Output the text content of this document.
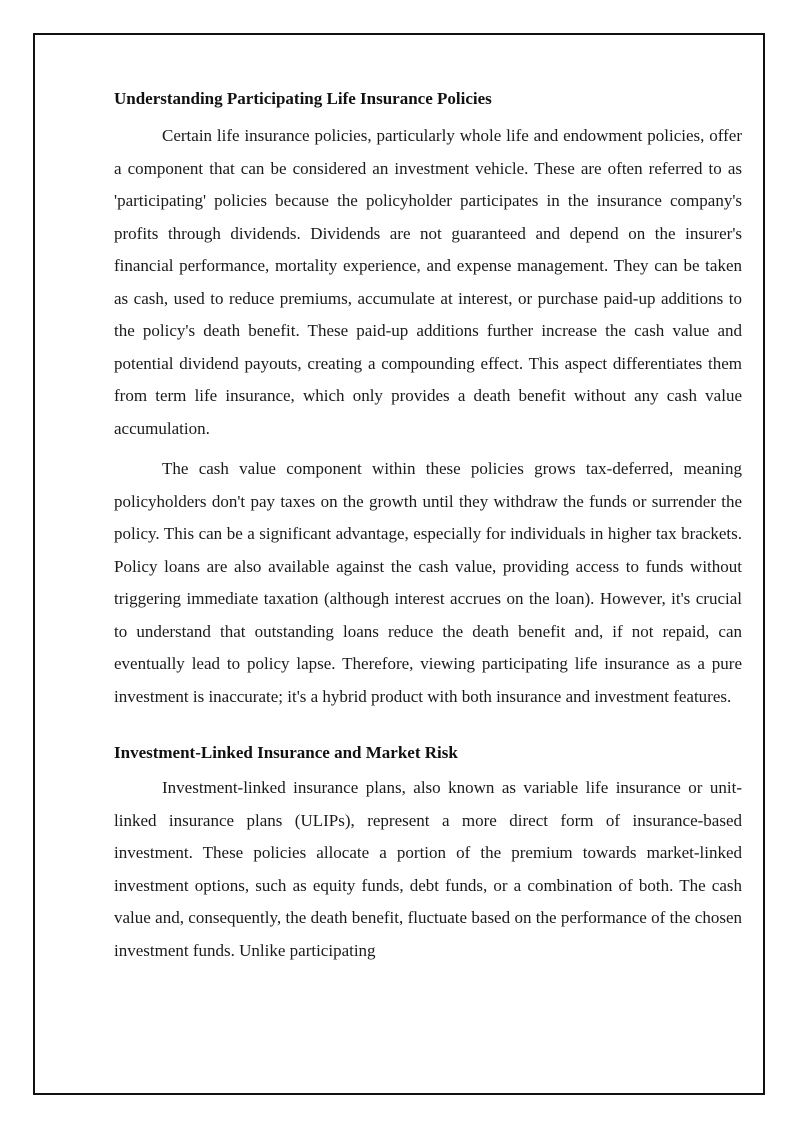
Understanding Participating Life Insurance Policies

Certain life insurance policies, particularly whole life and endowment policies, offer a component that can be considered an investment vehicle. These are often referred to as 'participating' policies because the policyholder participates in the insurance company's profits through dividends. Dividends are not guaranteed and depend on the insurer's financial performance, mortality experience, and expense management. They can be taken as cash, used to reduce premiums, accumulate at interest, or purchase paid-up additions to the policy's death benefit. These paid-up additions further increase the cash value and potential dividend payouts, creating a compounding effect. This aspect differentiates them from term life insurance, which only provides a death benefit without any cash value accumulation.

The cash value component within these policies grows tax-deferred, meaning policyholders don't pay taxes on the growth until they withdraw the funds or surrender the policy. This can be a significant advantage, especially for individuals in higher tax brackets. Policy loans are also available against the cash value, providing access to funds without triggering immediate taxation (although interest accrues on the loan). However, it's crucial to understand that outstanding loans reduce the death benefit and, if not repaid, can eventually lead to policy lapse. Therefore, viewing participating life insurance as a pure investment is inaccurate; it's a hybrid product with both insurance and investment features.

Investment-Linked Insurance and Market Risk

Investment-linked insurance plans, also known as variable life insurance or unit-linked insurance plans (ULIPs), represent a more direct form of insurance-based investment. These policies allocate a portion of the premium towards market-linked investment options, such as equity funds, debt funds, or a combination of both. The cash value and, consequently, the death benefit, fluctuate based on the performance of the chosen investment funds. Unlike participating
